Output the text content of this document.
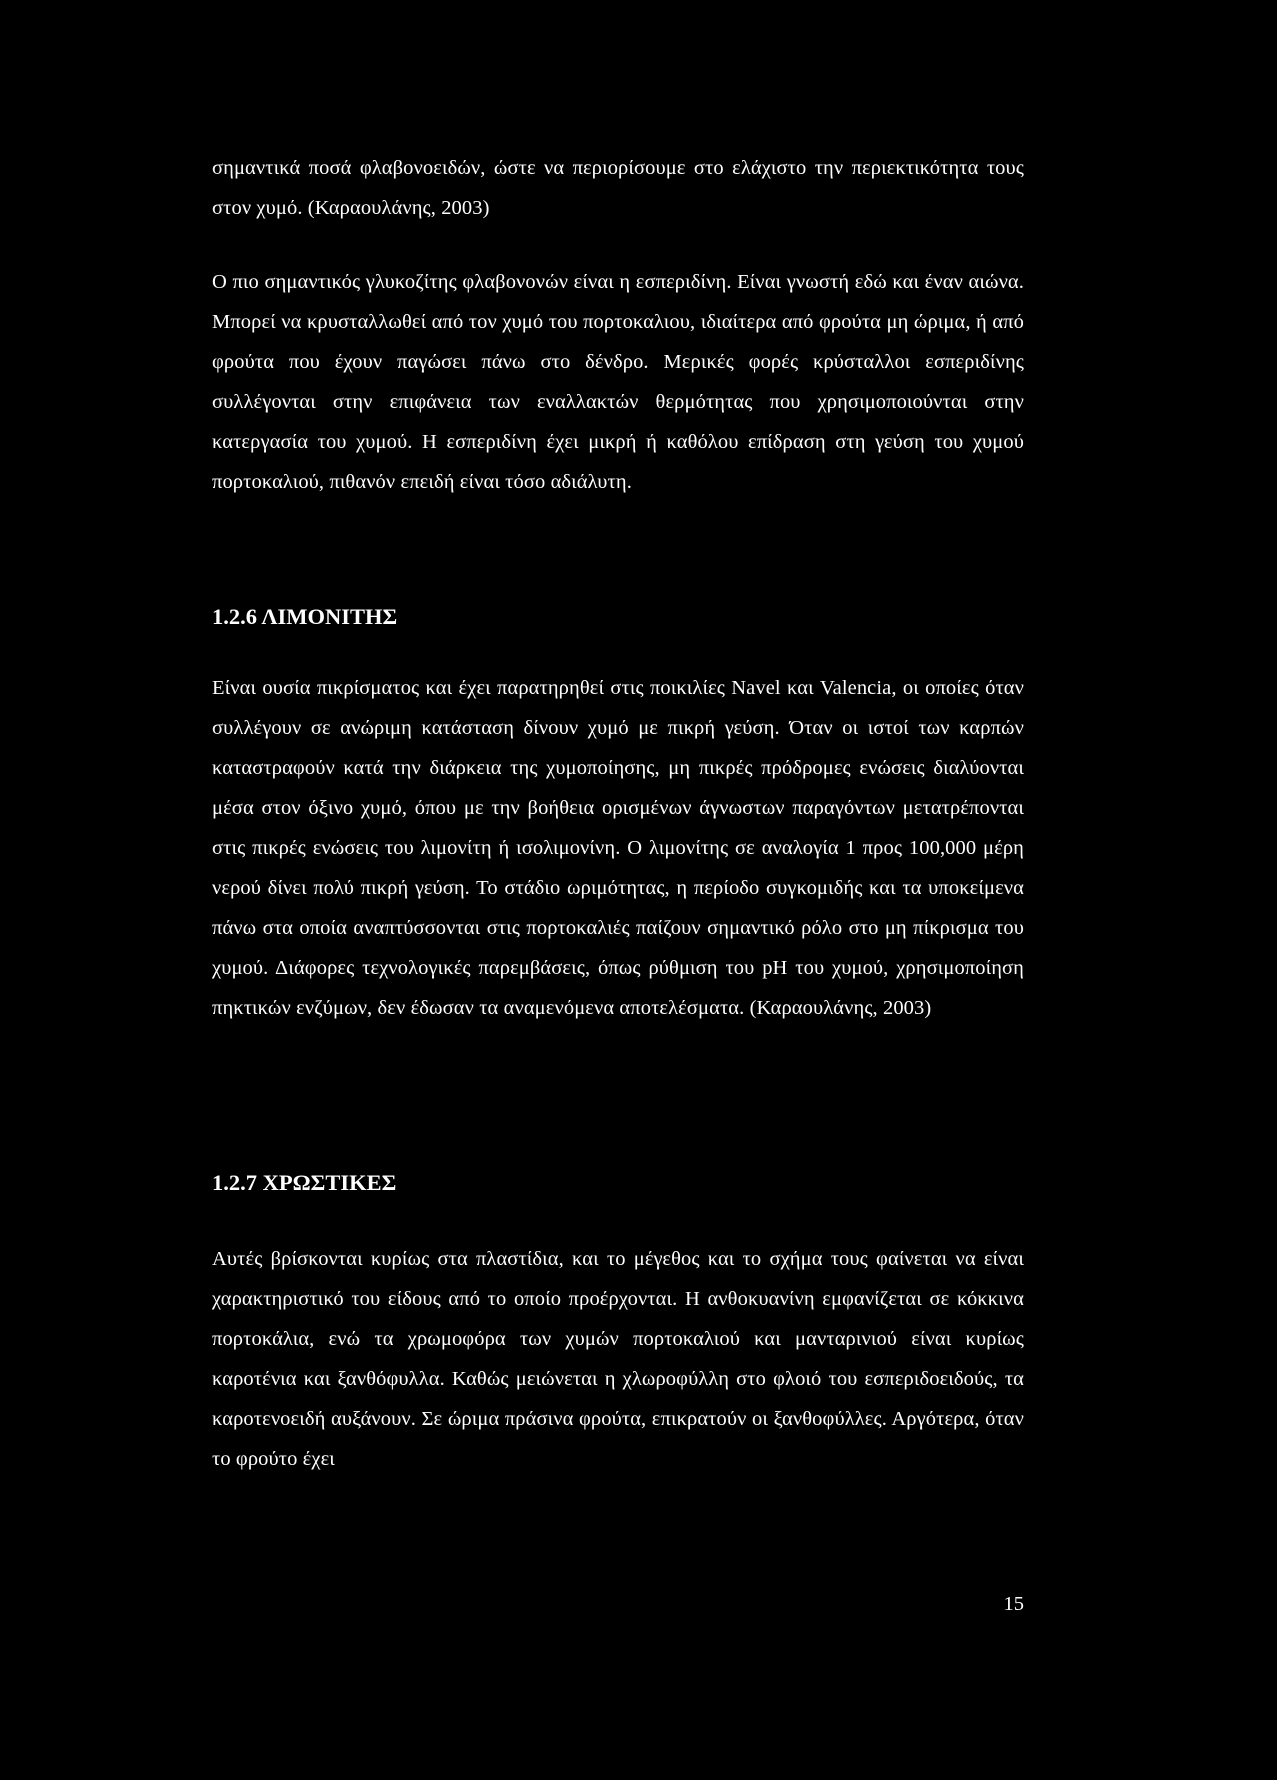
σημαντικά ποσά φλαβονοειδών, ώστε να περιορίσουμε στο ελάχιστο την περιεκτικότητα τους στον χυμό. (Καραουλάνης, 2003)

Ο πιο σημαντικός γλυκοζίτης φλαβονονών είναι η εσπεριδίνη. Είναι γνωστή εδώ και έναν αιώνα. Μπορεί να κρυσταλλωθεί από τον χυμό του πορτοκαλιου, ιδιαίτερα από φρούτα μη ώριμα, ή από φρούτα που έχουν παγώσει πάνω στο δένδρο. Μερικές φορές κρύσταλλοι εσπεριδίνης συλλέγονται στην επιφάνεια των εναλλακτών θερμότητας που χρησιμοποιούνται στην κατεργασία του χυμού. Η εσπεριδίνη έχει μικρή ή καθόλου επίδραση στη γεύση του χυμού πορτοκαλιού, πιθανόν επειδή είναι τόσο αδιάλυτη.

1.2.6 ΛΙΜΟΝΙΤΗΣ

Είναι ουσία πικρίσματος και έχει παρατηρηθεί στις ποικιλίες Navel και Valencia, οι οποίες όταν συλλέγουν σε ανώριμη κατάσταση δίνουν χυμό με πικρή γεύση. Όταν οι ιστοί των καρπών καταστραφούν κατά την διάρκεια της χυμοποίησης, μη πικρές πρόδρομες ενώσεις διαλύονται μέσα στον όξινο χυμό, όπου με την βοήθεια ορισμένων άγνωστων παραγόντων μετατρέπονται στις πικρές ενώσεις του λιμονίτη ή ισολιμονίνη. Ο λιμονίτης σε αναλογία 1 προς 100,000 μέρη νερού δίνει πολύ πικρή γεύση. Το στάδιο ωριμότητας, η περίοδο συγκομιδής και τα υποκείμενα πάνω στα οποία αναπτύσσονται στις πορτοκαλιές παίζουν σημαντικό ρόλο στο μη πίκρισμα του χυμού. Διάφορες τεχνολογικές παρεμβάσεις, όπως ρύθμιση του pH του χυμού, χρησιμοποίηση πηκτικών ενζύμων, δεν έδωσαν τα αναμενόμενα αποτελέσματα. (Καραουλάνης, 2003)

1.2.7 ΧΡΩΣΤΙΚΕΣ

Αυτές βρίσκονται κυρίως στα πλαστίδια, και το μέγεθος και το σχήμα τους φαίνεται να είναι χαρακτηριστικό του είδους από το οποίο προέρχονται. Η ανθοκυανίνη εμφανίζεται σε κόκκινα πορτοκάλια, ενώ τα χρωμοφόρα των χυμών πορτοκαλιού και μανταρινιού είναι κυρίως καροτένια και ξανθόφυλλα. Καθώς μειώνεται η χλωροφύλλη στο φλοιό του εσπεριδοειδούς, τα καροτενοειδή αυξάνουν. Σε ώριμα πράσινα φρούτα, επικρατούν οι ξανθοφύλλες. Αργότερα, όταν το φρούτο έχει

15
